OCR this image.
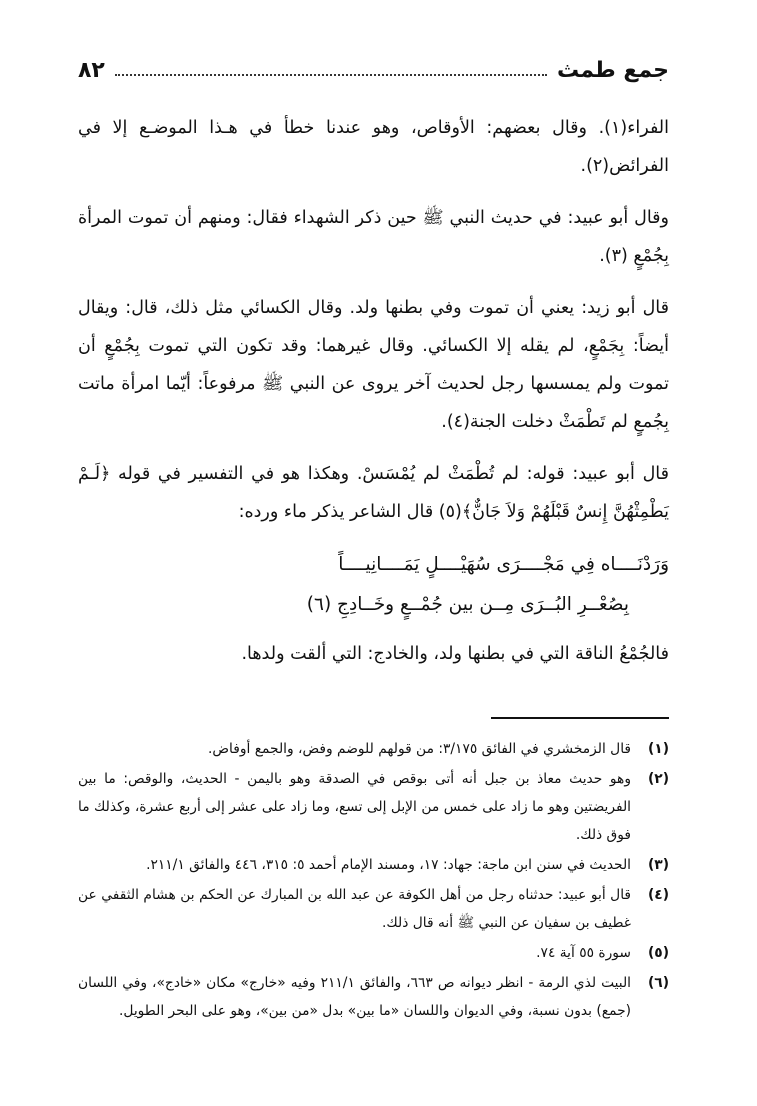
جمع طمث
٨٢

الفراء(١). وقال بعضهم: الأوقاص، وهو عندنا خطأ في هـذا الموضـع إلا في الفرائض(٢).

وقال أبو عبيد: في حديث النبي ﷺ حين ذكر الشهداء فقال: ومنهم أن تموت المرأة بِجُمْعٍ (٣).

قال أبو زيد: يعني أن تموت وفي بطنها ولد. وقال الكسائي مثل ذلك، قال: ويقال أيضاً: بِجَمْعٍ، لم يقله إلا الكسائي. وقال غيرهما: وقد تكون التي تموت بِجُمْعٍ أن تموت ولم يمسسها رجل لحديث آخر يروى عن النبي ﷺ مرفوعاً: أيّما امرأة ماتت بِجُمعٍ لم تَطْمَثْ دخلت الجنة(٤).

قال أبو عبيد: قوله: لم تُطْمَثْ لم يُمْسَسْ. وهكذا هو في التفسير في قوله ﴿لَـمْ يَطْمِثْهُنَّ إِنسٌ قَبْلَهُمْ وَلاَ جَانٌّ﴾(٥) قال الشاعر يذكر ماء ورده:

وَرَدْنَــــاه فِي مَجْــــرَى سُهَيْــــلٍ يَمَــــانِيــــاً
بِصُعْــرِ البُــرَى مِــن بين جُمْــعٍ وخَــادِجِ (٦)

فالجُمْعُ الناقة التي في بطنها ولد، والخادج: التي ألقت ولدها.

(١)
قال الزمخشري في الفائق ٣/١٧٥: من قولهم للوضم وفض، والجمع أوفاض.
(٢)
وهو حديث معاذ بن جبل أنه أتى بوقص في الصدقة وهو باليمن - الحديث، والوقص: ما بين الفريضتين وهو ما زاد على خمس من الإبل إلى تسع، وما زاد على عشر إلى أربع عشرة، وكذلك ما فوق ذلك.
(٣)
الحديث في سنن ابن ماجة: جهاد: ١٧، ومسند الإمام أحمد ٥: ٣١٥، ٤٤٦ والفائق ٢١١/١.
(٤)
قال أبو عبيد: حدثناه رجل من أهل الكوفة عن عبد الله بن المبارك عن الحكم بن هشام الثقفي عن غطيف بن سفيان عن النبي ﷺ أنه قال ذلك.
(٥)
سورة ٥٥ آية ٧٤.
(٦)
البيت لذي الرمة - انظر ديوانه ص ٦٦٣، والفائق ٢١١/١ وفيه «خارج» مكان «خادج»، وفي اللسان (جمع) بدون نسبة، وفي الديوان واللسان «ما بين» بدل «من بين»، وهو على البحر الطويل.
